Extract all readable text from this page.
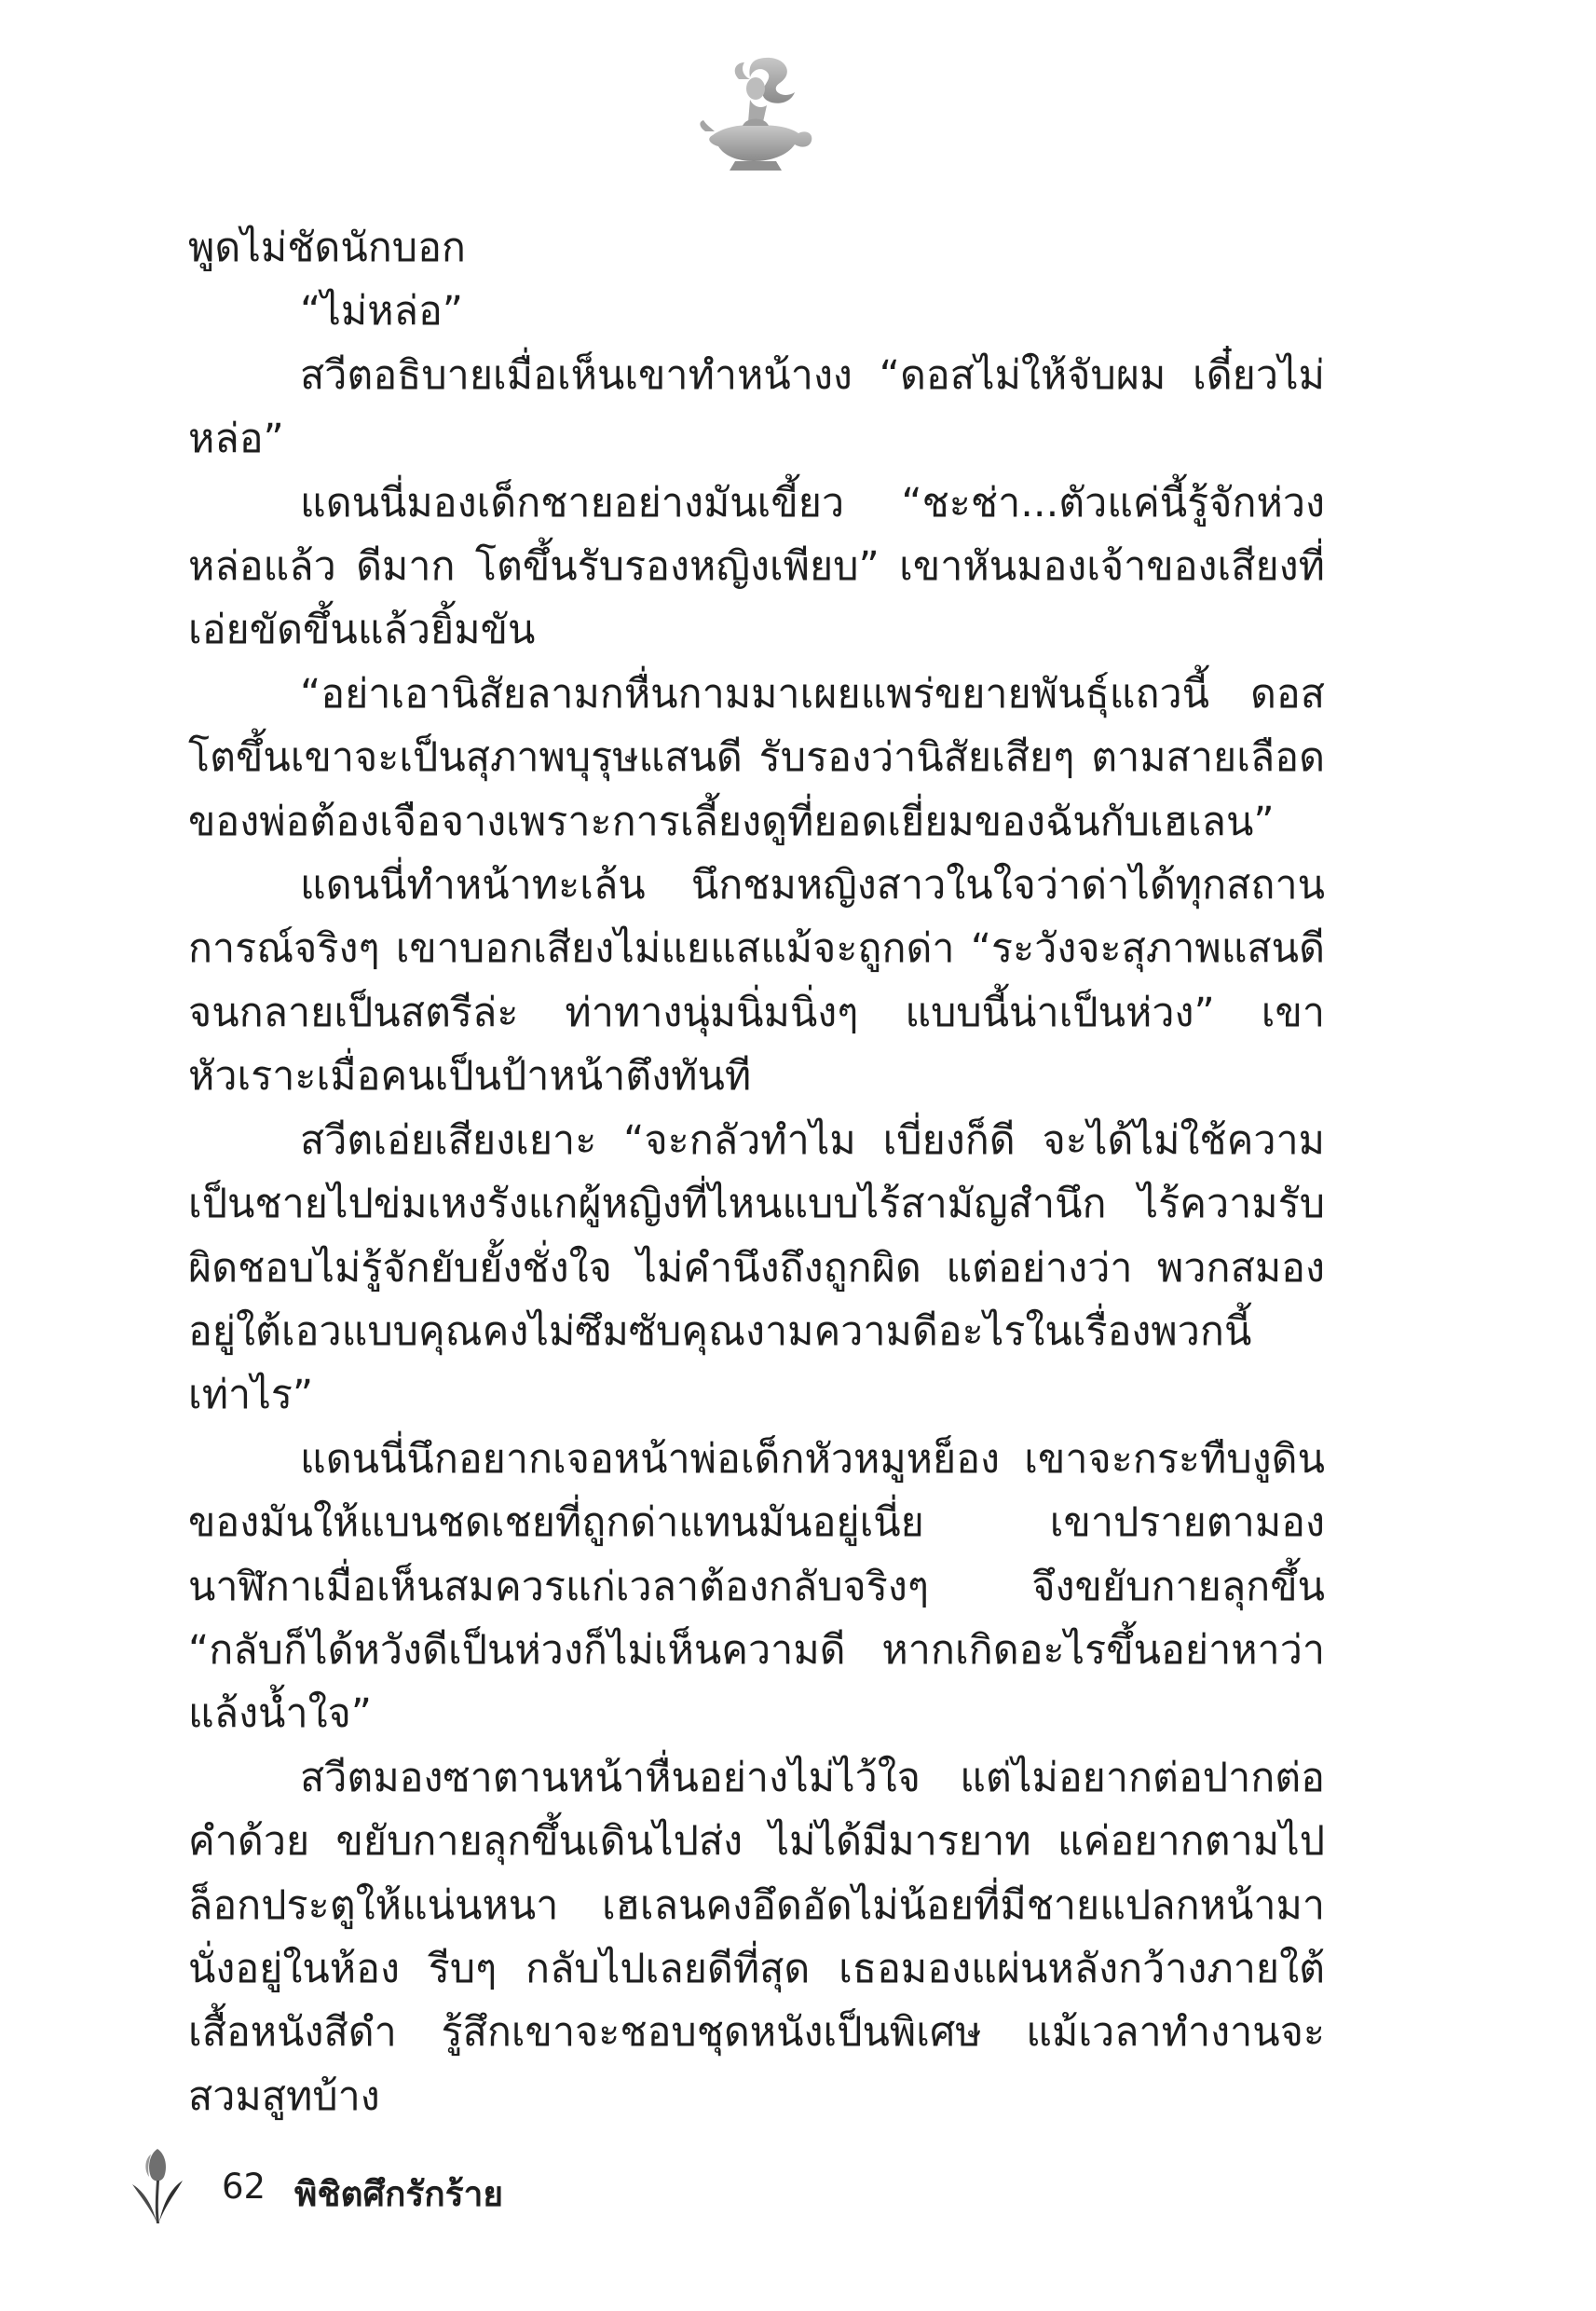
พูดไม่ชัดนักบอก

“ไม่หล่อ”

สวีตอธิบายเมื่อเห็นเขาทำหน้างง “ดอสไม่ให้จับผม เดี๋ยวไม่หล่อ”

แดนนี่มองเด็กชายอย่างมันเขี้ยว “ชะช่า...ตัวแค่นี้รู้จักห่วงหล่อแล้ว ดีมาก โตขึ้นรับรองหญิงเพียบ” เขาหันมองเจ้าของเสียงที่เอ่ยขัดขึ้นแล้วยิ้มขัน

“อย่าเอานิสัยลามกหื่นกามมาเผยแพร่ขยายพันธุ์แถวนี้ ดอสโตขึ้นเขาจะเป็นสุภาพบุรุษแสนดี รับรองว่านิสัยเสียๆ ตามสายเลือดของพ่อต้องเจือจางเพราะการเลี้ยงดูที่ยอดเยี่ยมของฉันกับเฮเลน”

แดนนี่ทำหน้าทะเล้น นึกชมหญิงสาวในใจว่าด่าได้ทุกสถานการณ์จริงๆ เขาบอกเสียงไม่แยแสแม้จะถูกด่า “ระวังจะสุภาพแสนดีจนกลายเป็นสตรีล่ะ ท่าทางนุ่มนิ่มนิ่งๆ แบบนี้น่าเป็นห่วง” เขาหัวเราะเมื่อคนเป็นป้าหน้าตึงทันที

สวีตเอ่ยเสียงเยาะ “จะกลัวทำไม เบี่ยงก็ดี จะได้ไม่ใช้ความเป็นชายไปข่มเหงรังแกผู้หญิงที่ไหนแบบไร้สามัญสำนึก ไร้ความรับผิดชอบไม่รู้จักยับยั้งชั่งใจ ไม่คำนึงถึงถูกผิด แต่อย่างว่า พวกสมองอยู่ใต้เอวแบบคุณคงไม่ซึมซับคุณงามความดีอะไรในเรื่องพวกนี้เท่าไร”

แดนนี่นึกอยากเจอหน้าพ่อเด็กหัวหมูหย็อง เขาจะกระทืบงูดินของมันให้แบนชดเชยที่ถูกด่าแทนมันอยู่เนี่ย เขาปรายตามองนาฬิกาเมื่อเห็นสมควรแก่เวลาต้องกลับจริงๆ จึงขยับกายลุกขึ้น “กลับก็ได้หวังดีเป็นห่วงก็ไม่เห็นความดี หากเกิดอะไรขึ้นอย่าหาว่าแล้งน้ำใจ”

สวีตมองซาตานหน้าหื่นอย่างไม่ไว้ใจ แต่ไม่อยากต่อปากต่อคำด้วย ขยับกายลุกขึ้นเดินไปส่ง ไม่ได้มีมารยาท แค่อยากตามไปล็อกประตูให้แน่นหนา เฮเลนคงอึดอัดไม่น้อยที่มีชายแปลกหน้ามานั่งอยู่ในห้อง รีบๆ กลับไปเลยดีที่สุด เธอมองแผ่นหลังกว้างภายใต้เสื้อหนังสีดำ รู้สึกเขาจะชอบชุดหนังเป็นพิเศษ แม้เวลาทำงานจะสวมสูทบ้าง

62 พิชิตศึกรักร้าย
